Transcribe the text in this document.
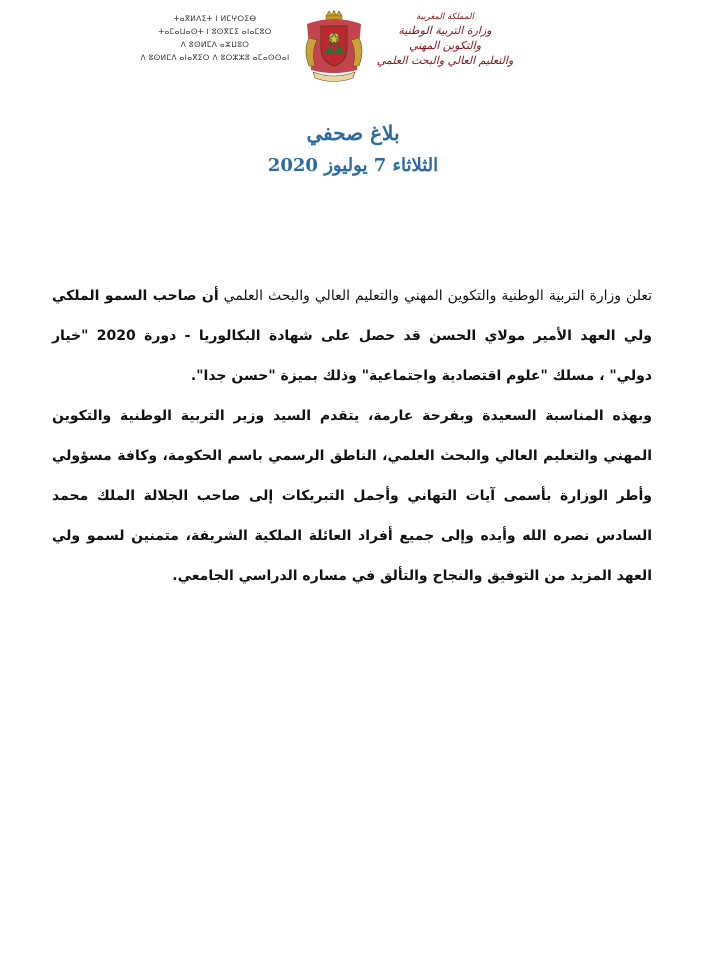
ⵜⴰⴳⵍⴷⵉⵜ ⵏ ⵍⵎⵖⵔⵉⴱ
ⵜⴰⵎⴰⵡⴰⵙⵜ ⵏ ⵓⵙⴳⵎⵉ ⴰⵏⴰⵎⵓⵔ
ⴷ ⵓⵙⵍⵎⴷ ⴰⵣⵡⵓⵔ
ⴷ ⵓⵙⵍⵎⴷ ⴰⵏⴰⴳⵉⵔ ⴷ ⵓⵔⵣⵣⵓ ⴰⵎⴰⵙⵙⴰⵏ
المملكة المغربية
وزارة التربية الوطنية
والتكوين المهني
والتعليم العالي والبحث العلمي
بلاغ صحفي
الثلاثاء 7 يوليوز 2020

تعلن وزارة التربية الوطنية والتكوين المهني والتعليم العالي والبحث العلمي أن صاحب السمو الملكي ولي العهد الأمير مولاي الحسن قد حصل على شهادة البكالوريا - دورة 2020 "خيار دولي" ، مسلك "علوم اقتصادية واجتماعية" وذلك بميزة "حسن جدا".

وبهذه المناسبة السعيدة وبفرحة عارمة، يتقدم السيد وزير التربية الوطنية والتكوين المهني والتعليم العالي والبحث العلمي، الناطق الرسمي باسم الحكومة، وكافة مسؤولي وأطر الوزارة بأسمى آيات التهاني وأجمل التبريكات إلى صاحب الجلالة الملك محمد السادس نصره الله وأيده وإلى جميع أفراد العائلة الملكية الشريفة، متمنين لسمو ولي العهد المزيد من التوفيق والنجاح والتألق في مساره الدراسي الجامعي.
